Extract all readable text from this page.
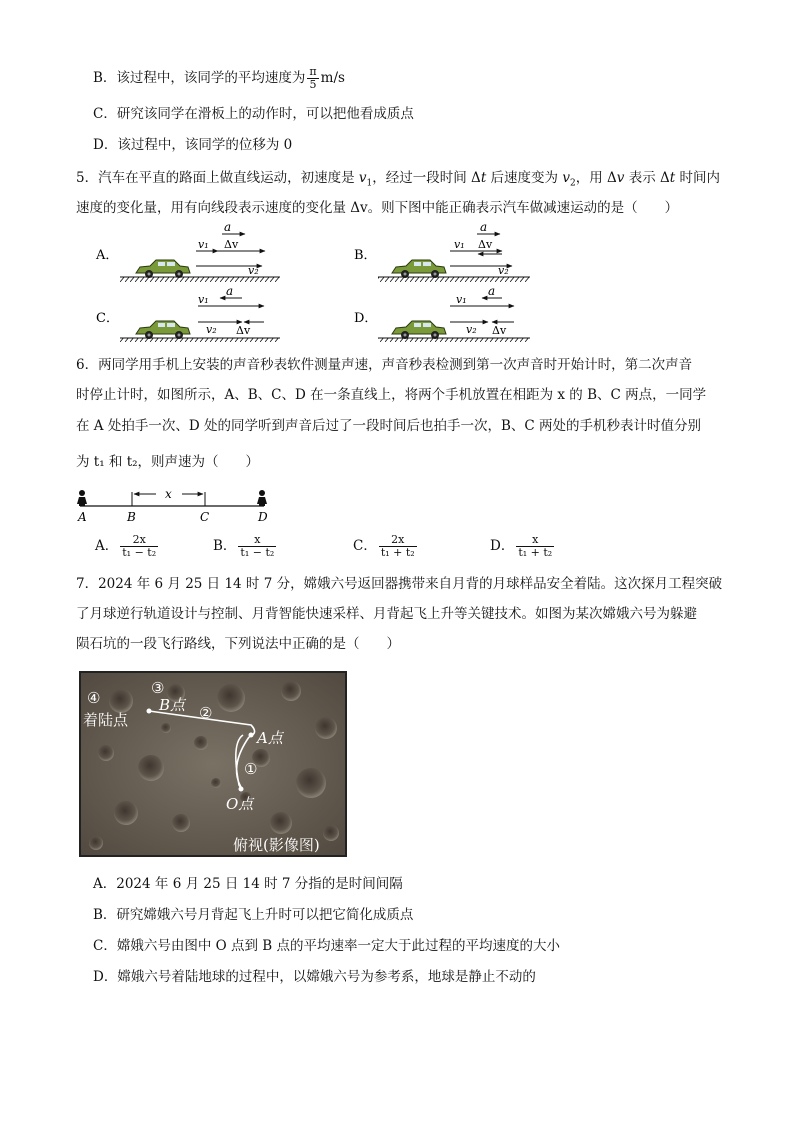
B．该过程中，该同学的平均速度为 $\frac{\pi}{5} m/s$
C．研究该同学在滑板上的动作时，可以把他看成质点
D．该过程中，该同学的位移为 0
5．汽车在平直的路面上做直线运动，初速度是 $v_1$，经过一段时间 Δt 后速度变为 $v_2$，用 Δv 表示 Δt 时间内
速度的变化量，用有向线段表示速度的变化量 Δv。则下图中能正确表示汽车做减速运动的是（　　）
A．
a
v₁ Δv
v₂
B．
a
v₁ Δv
v₂
C．
v₁
a
v₂ Δv
D．
v₁
a
v₂ Δv
6．两同学用手机上安装的声音秒表软件测量声速，声音秒表检测到第一次声音时开始计时，第二次声音
时停止计时，如图所示，A、B、C、D 在一条直线上，将两个手机放置在相距为 x 的 B、C 两点，一同学
在 A 处拍手一次、D 处的同学听到声音后过了一段时间后也拍手一次，B、C 两处的手机秒表计时值分别
为 t₁ 和 t₂，则声速为（　　）
x
A	B	C	D
A． $\frac{2x}{\text{t₁ − t₂}}$	B． $\frac{x}{\text{t₁ − t₂}}$	C． $\frac{2x}{\text{t₁ + t₂}}$	D． $\frac{x}{\text{t₁ + t₂}}$
7．2024 年 6 月 25 日 14 时 7 分，嫦娥六号返回器携带来自月背的月球样品安全着陆。这次探月工程突破
了月球逆行轨道设计与控制、月背智能快速采样、月背起飞上升等关键技术。如图为某次嫦娥六号为躲避
陨石坑的一段飞行路线，下列说法中正确的是（　　）
④
着陆点
③
B点 ②
A点
①
O点
俯视(影像图)
A．2024 年 6 月 25 日 14 时 7 分指的是时间间隔
B．研究嫦娥六号月背起飞上升时可以把它简化成质点
C．嫦娥六号由图中 O 点到 B 点的平均速率一定大于此过程的平均速度的大小
D．嫦娥六号着陆地球的过程中，以嫦娥六号为参考系，地球是静止不动的
